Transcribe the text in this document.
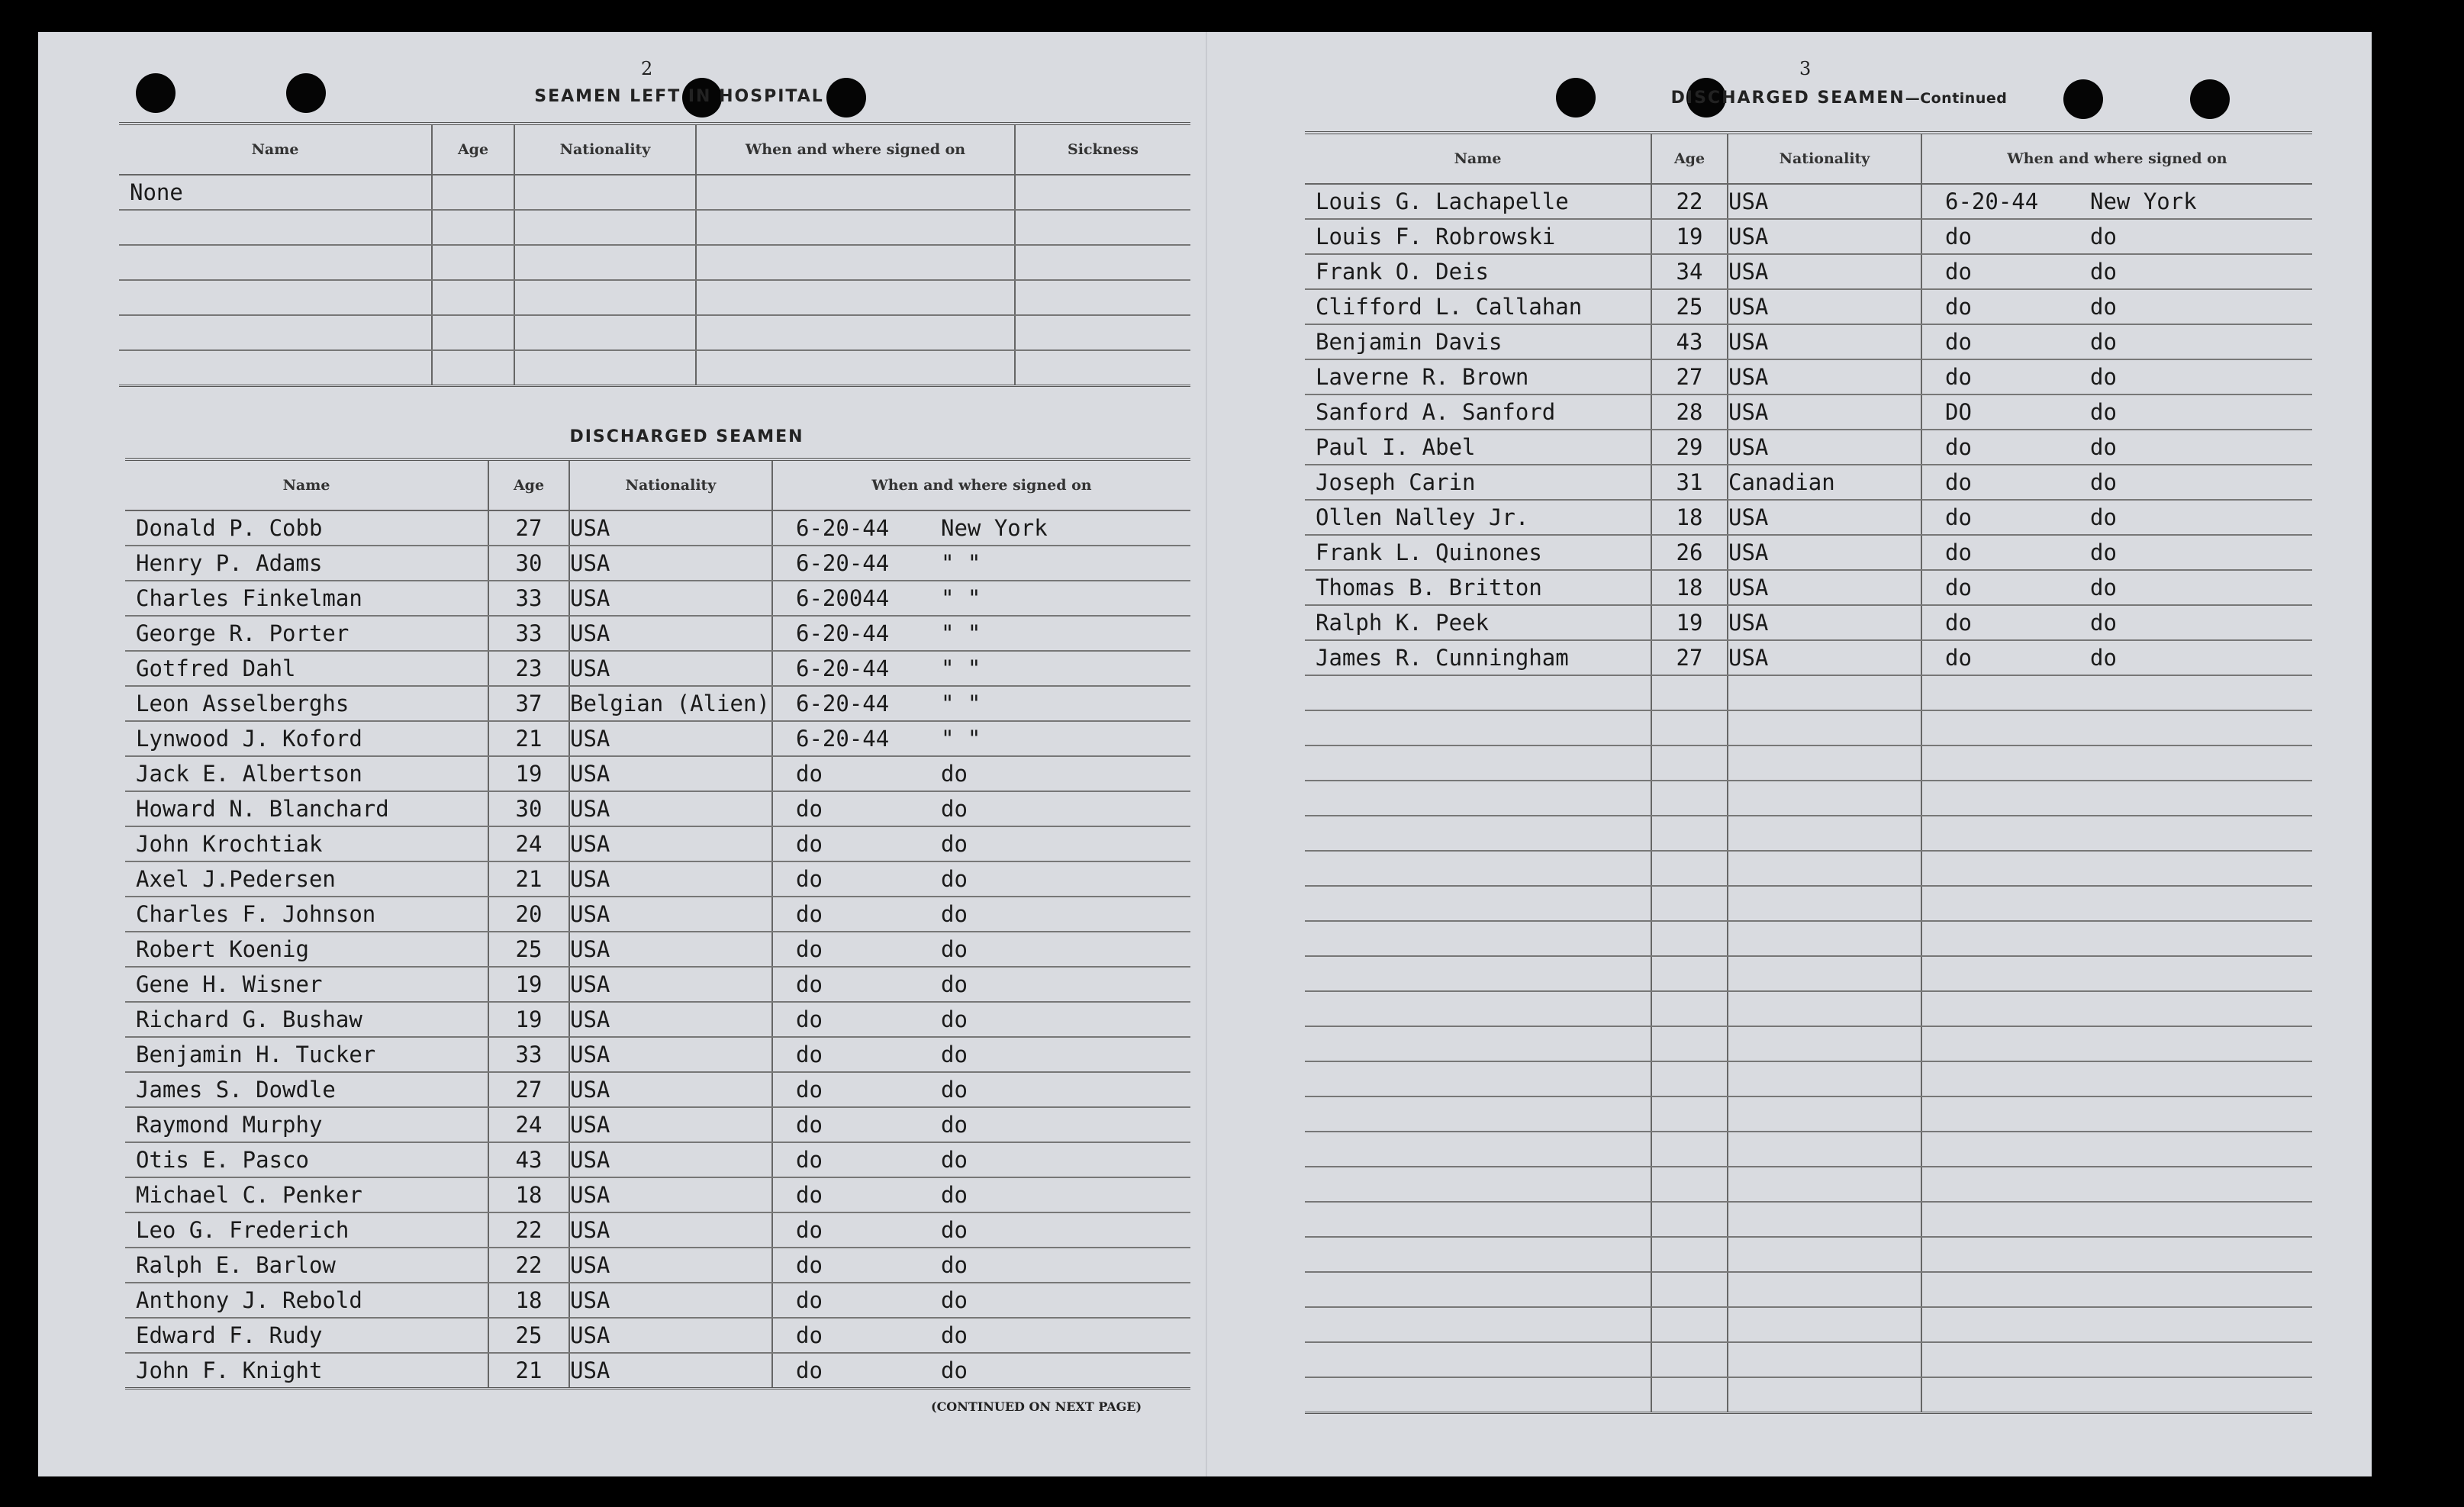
2
SEAMEN LEFT IN HOSPITAL
Name	Age	Nationality	When and where signed on	Sickness
None				

DISCHARGED SEAMEN
Name	Age	Nationality	When and where signed on
Donald P. Cobb	27	USA	6-20-44 New York

Henry P. Adams	30	USA	6-20-44 " "

Charles Finkelman	33	USA	6-20044 " "

George R. Porter	33	USA	6-20-44 " "

Gotfred Dahl	23	USA	6-20-44 " "

Leon Asselberghs	37	Belgian (Alien)	6-20-44 " "

Lynwood J. Koford	21	USA	6-20-44 " "

Jack E. Albertson	19	USA	do do

Howard N. Blanchard	30	USA	do do

John Krochtiak	24	USA	do do

Axel J.Pedersen	21	USA	do do

Charles F. Johnson	20	USA	do do

Robert Koenig	25	USA	do do

Gene H. Wisner	19	USA	do do

Richard G. Bushaw	19	USA	do do

Benjamin H. Tucker	33	USA	do do

James S. Dowdle	27	USA	do do

Raymond Murphy	24	USA	do do

Otis E. Pasco	43	USA	do do

Michael C. Penker	18	USA	do do

Leo G. Frederich	22	USA	do do

Ralph E. Barlow	22	USA	do do

Anthony J. Rebold	18	USA	do do

Edward F. Rudy	25	USA	do do

John F. Knight	21	USA	do do
(CONTINUED ON NEXT PAGE)
3
DISCHARGED SEAMEN—Continued
Name	Age	Nationality	When and where signed on
Louis G. Lachapelle	22	USA	6-20-44 New York

Louis F. Robrowski	19	USA	do do

Frank O. Deis	34	USA	do do

Clifford L. Callahan	25	USA	do do

Benjamin Davis	43	USA	do do

Laverne R. Brown	27	USA	do do

Sanford A. Sanford	28	USA	DO do

Paul I. Abel	29	USA	do do

Joseph Carin	31	Canadian	do do

Ollen Nalley Jr.	18	USA	do do

Frank L. Quinones	26	USA	do do

Thomas B. Britton	18	USA	do do

Ralph K. Peek	19	USA	do do

James R. Cunningham	27	USA	do do
